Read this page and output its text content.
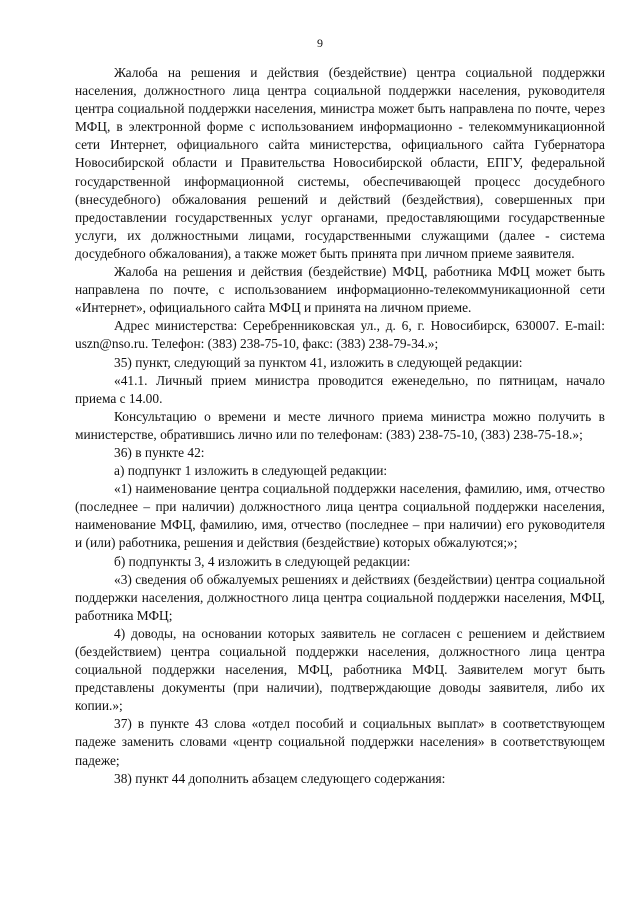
9

Жалоба на решения и действия (бездействие) центра социальной поддержки населения, должностного лица центра социальной поддержки населения, руководителя центра социальной поддержки населения, министра может быть направлена по почте, через МФЦ, в электронной форме с использованием информационно - телекоммуникационной сети Интернет, официального сайта министерства, официального сайта Губернатора Новосибирской области и Правительства Новосибирской области, ЕПГУ, федеральной государственной информационной системы, обеспечивающей процесс досудебного (внесудебного) обжалования решений и действий (бездействия), совершенных при предоставлении государственных услуг органами, предоставляющими государственные услуги, их должностными лицами, государственными служащими (далее - система досудебного обжалования), а также может быть принята при личном приеме заявителя.

Жалоба на решения и действия (бездействие) МФЦ, работника МФЦ может быть направлена по почте, с использованием информационно-телекоммуникационной сети «Интернет», официального сайта МФЦ и принята на личном приеме.

Адрес министерства: Серебренниковская ул., д. 6, г. Новосибирск, 630007. E-mail: uszn@nso.ru. Телефон: (383) 238-75-10, факс: (383) 238-79-34.»;

35) пункт, следующий за пунктом 41, изложить в следующей редакции:

«41.1. Личный прием министра проводится еженедельно, по пятницам, начало приема с 14.00.

Консультацию о времени и месте личного приема министра можно получить в министерстве, обратившись лично или по телефонам: (383) 238-75-10, (383) 238-75-18.»;

36) в пункте 42:

а) подпункт 1 изложить в следующей редакции:

«1) наименование центра социальной поддержки населения, фамилию, имя, отчество (последнее – при наличии) должностного лица центра социальной поддержки населения, наименование МФЦ, фамилию, имя, отчество (последнее – при наличии) его руководителя и (или) работника, решения и действия (бездействие) которых обжалуются;»;

б) подпункты 3, 4 изложить в следующей редакции:

«3) сведения об обжалуемых решениях и действиях (бездействии) центра социальной поддержки населения, должностного лица центра социальной поддержки населения, МФЦ, работника МФЦ;

4) доводы, на основании которых заявитель не согласен с решением и действием (бездействием) центра социальной поддержки населения, должностного лица центра социальной поддержки населения, МФЦ, работника МФЦ. Заявителем могут быть представлены документы (при наличии), подтверждающие доводы заявителя, либо их копии.»;

37) в пункте 43 слова «отдел пособий и социальных выплат» в соответствующем падеже заменить словами «центр социальной поддержки населения» в соответствующем падеже;

38) пункт 44 дополнить абзацем следующего содержания:
